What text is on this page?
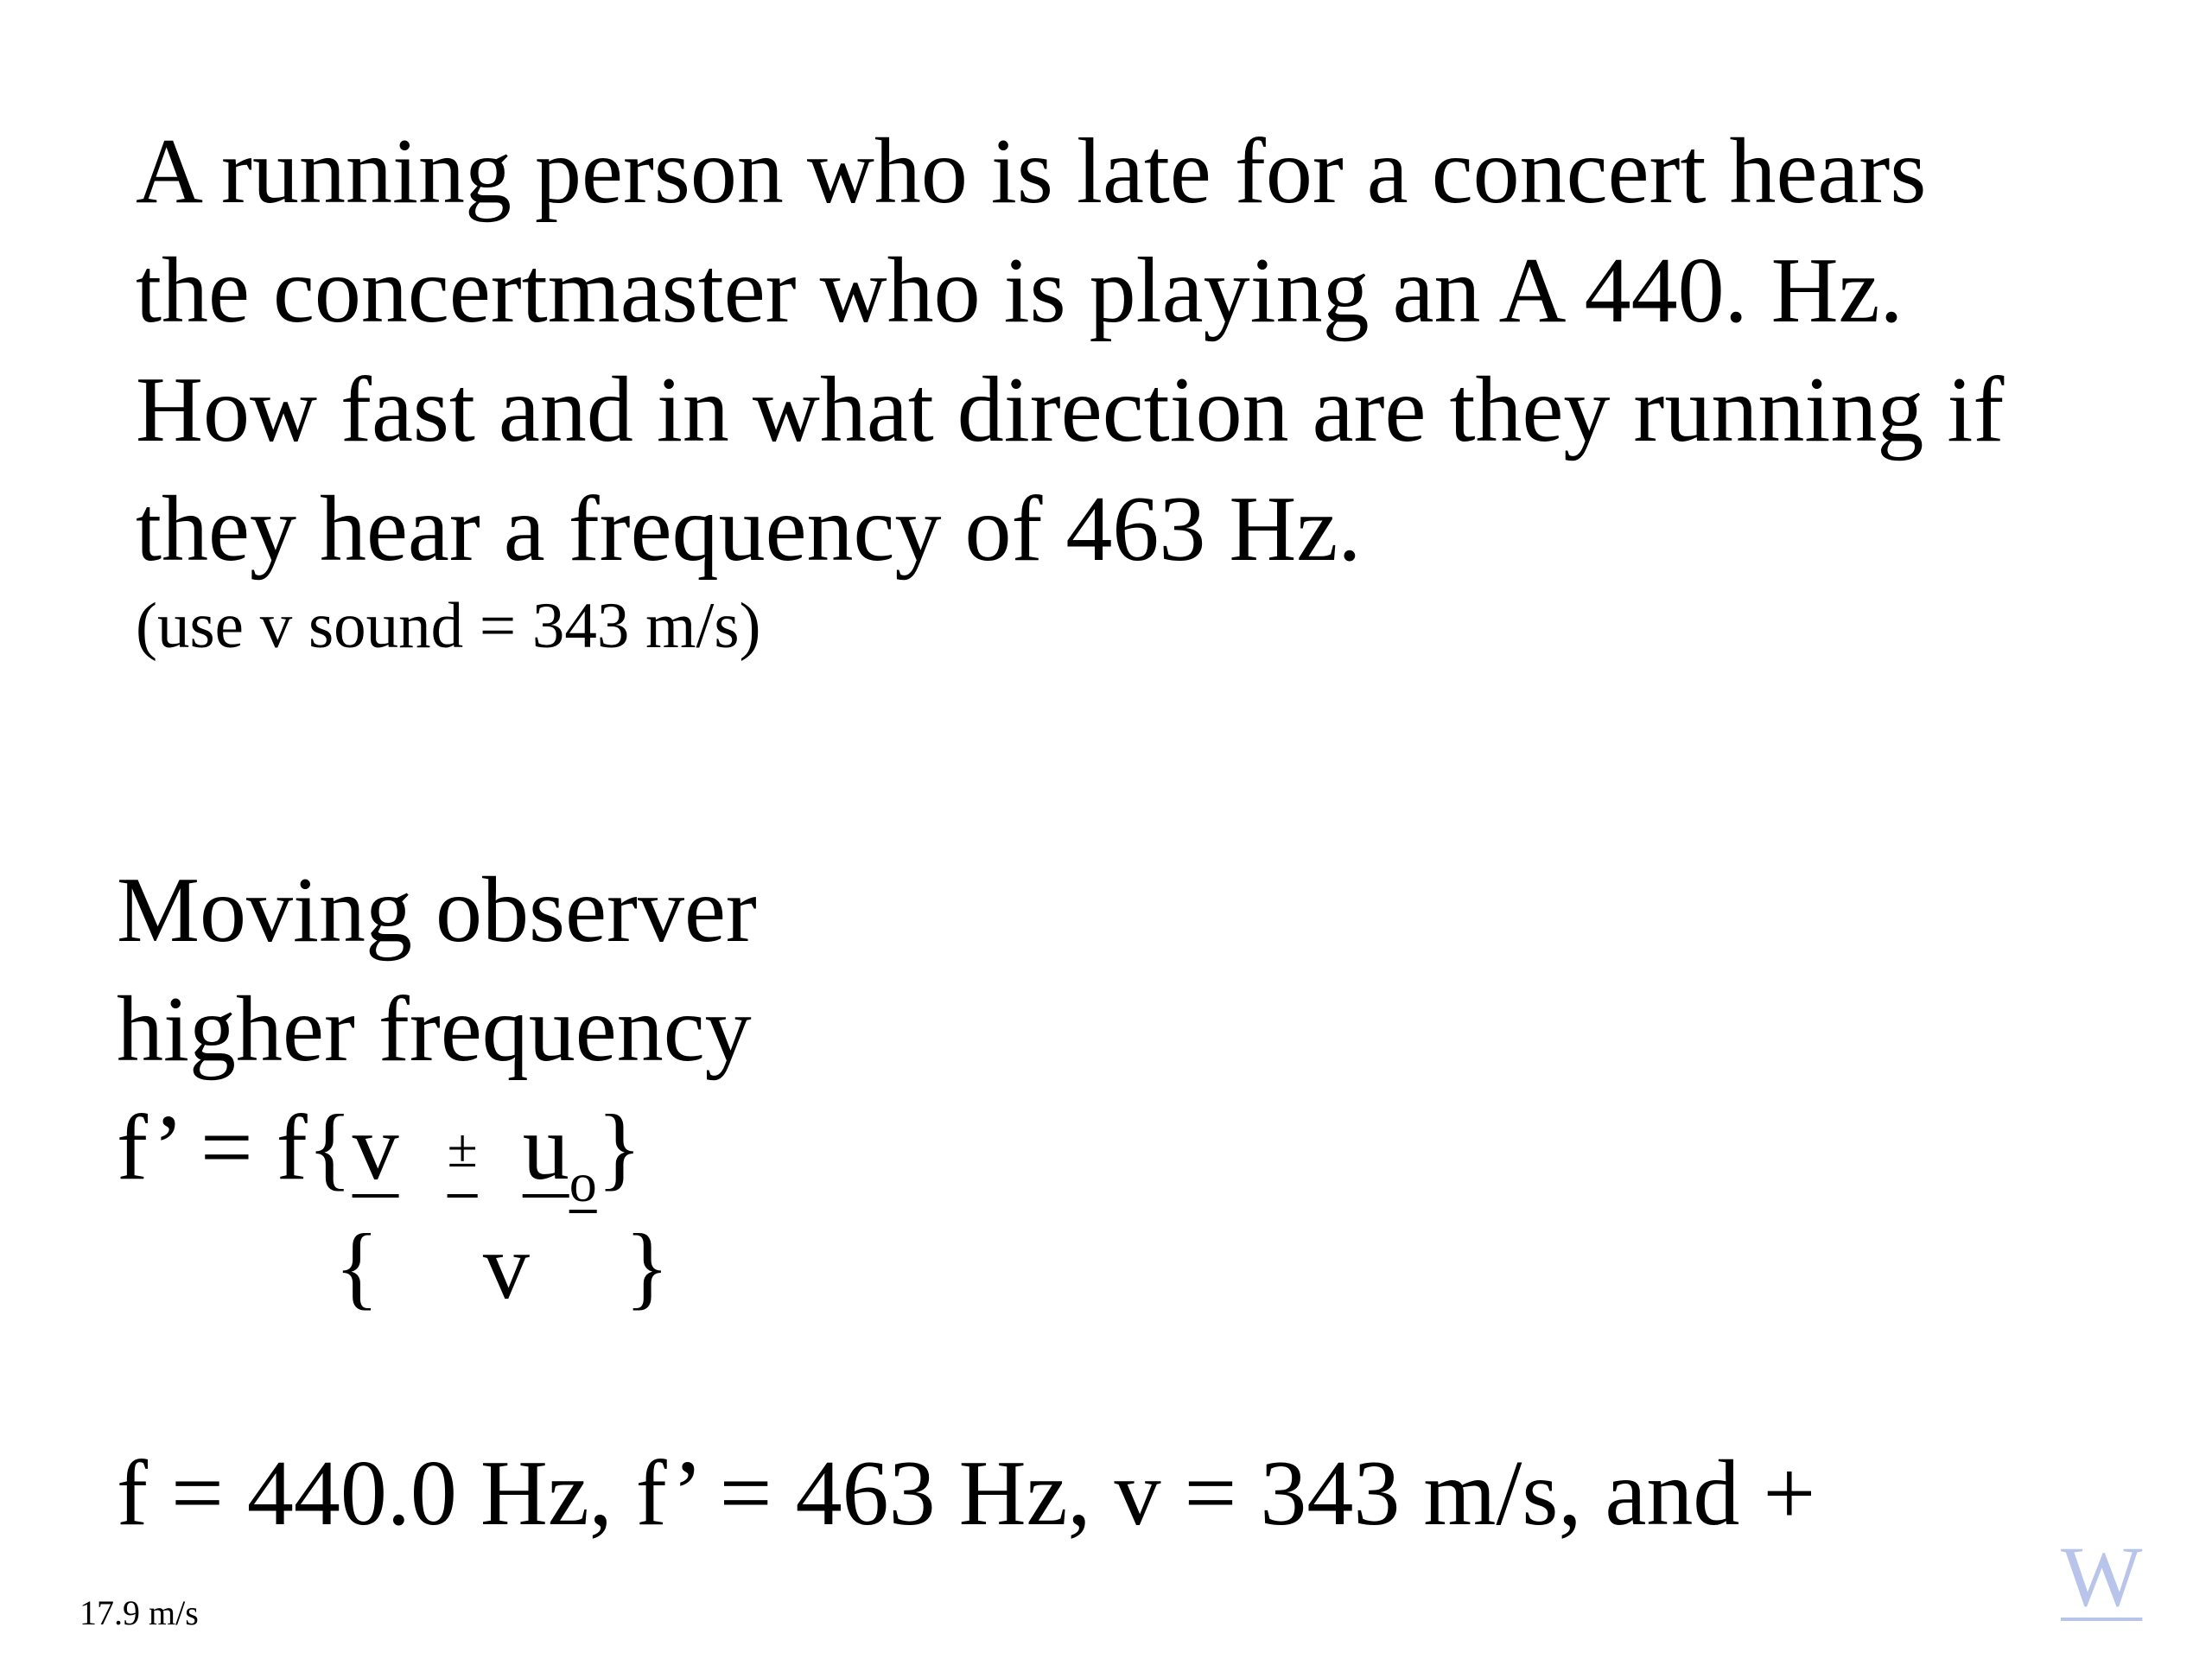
A running person who is late for a concert hears
the concertmaster who is playing an A 440. Hz.
How fast and in what direction are they running if
they hear a frequency of 463 Hz.
(use v sound = 343 m/s)
Moving observer
higher frequency
f’ = $f\{v \pm u_o\}$
{ v }
f = 440.0 Hz, f’ = 463 Hz, v = 343 m/s, and +
17.9 m/s	W
